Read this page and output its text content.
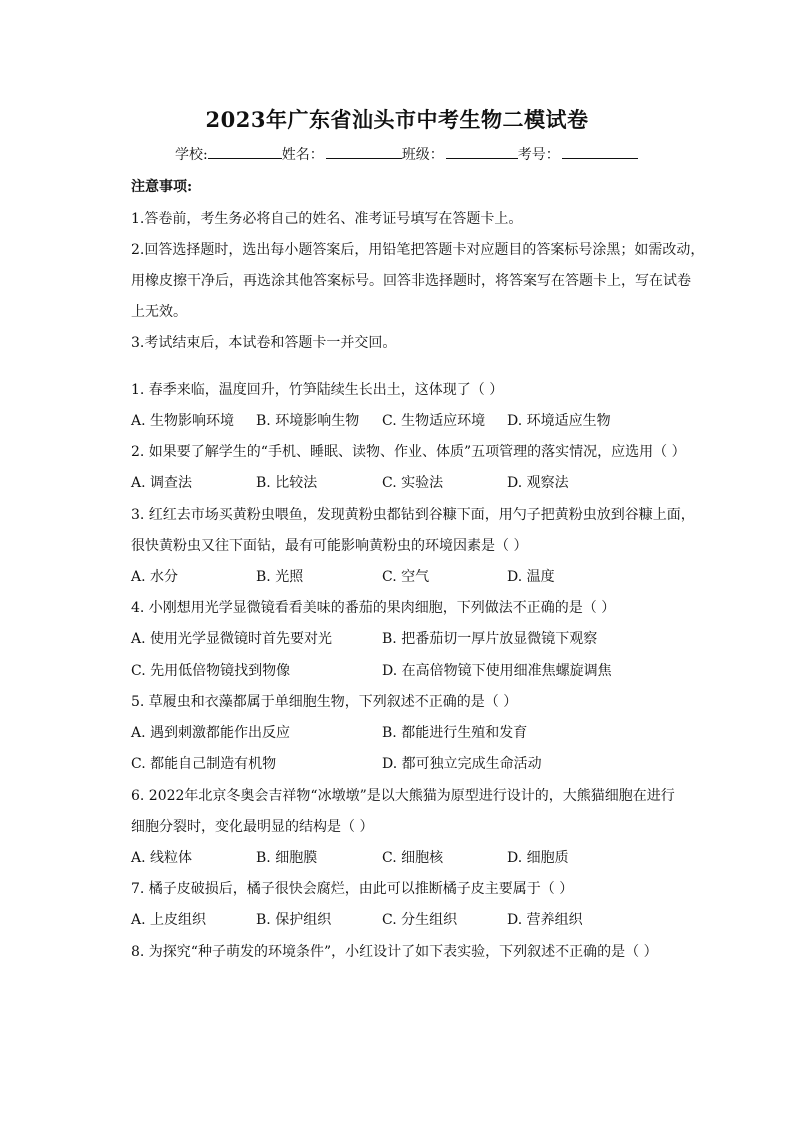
2023年广东省汕头市中考生物二模试卷
学校:	姓名：	班级：	考号：
注意事项:
1.答卷前，考生务必将自己的姓名、准考证号填写在答题卡上。
2.回答选择题时，选出每小题答案后，用铅笔把答题卡对应题目的答案标号涂黑；如需改动，
用橡皮擦干净后，再选涂其他答案标号。回答非选择题时，将答案写在答题卡上，写在试卷
上无效。
3.考试结束后，本试卷和答题卡一并交回。
1. 春季来临，温度回升，竹笋陆续生长出土，这体现了（ ）
A. 生物影响环境 B. 环境影响生物 C. 生物适应环境 D. 环境适应生物
2. 如果要了解学生的“手机、睡眠、读物、作业、体质”五项管理的落实情况，应选用（ ）
A. 调查法	B. 比较法	C. 实验法	D. 观察法
3. 红红去市场买黄粉虫喂鱼，发现黄粉虫都钻到谷糠下面，用勺子把黄粉虫放到谷糠上面，
很快黄粉虫又往下面钻，最有可能影响黄粉虫的环境因素是（ ）
A. 水分	B. 光照	C. 空气	D. 温度
4. 小刚想用光学显微镜看看美味的番茄的果肉细胞，下列做法不正确的是（ ）
A. 使用光学显微镜时首先要对光	B. 把番茄切一厚片放显微镜下观察
C. 先用低倍物镜找到物像	D. 在高倍物镜下使用细准焦螺旋调焦
5. 草履虫和衣藻都属于单细胞生物，下列叙述不正确的是（ ）
A. 遇到刺激都能作出反应	B. 都能进行生殖和发育
C. 都能自己制造有机物	D. 都可独立完成生命活动
6. 2022年北京冬奥会吉祥物“冰墩墩”是以大熊猫为原型进行设计的，大熊猫细胞在进行
细胞分裂时，变化最明显的结构是（ ）
A. 线粒体	B. 细胞膜	C. 细胞核	D. 细胞质
7. 橘子皮破损后，橘子很快会腐烂，由此可以推断橘子皮主要属于（ ）
A. 上皮组织	B. 保护组织	C. 分生组织	D. 营养组织
8. 为探究“种子萌发的环境条件”，小红设计了如下表实验，下列叙述不正确的是（ ）
